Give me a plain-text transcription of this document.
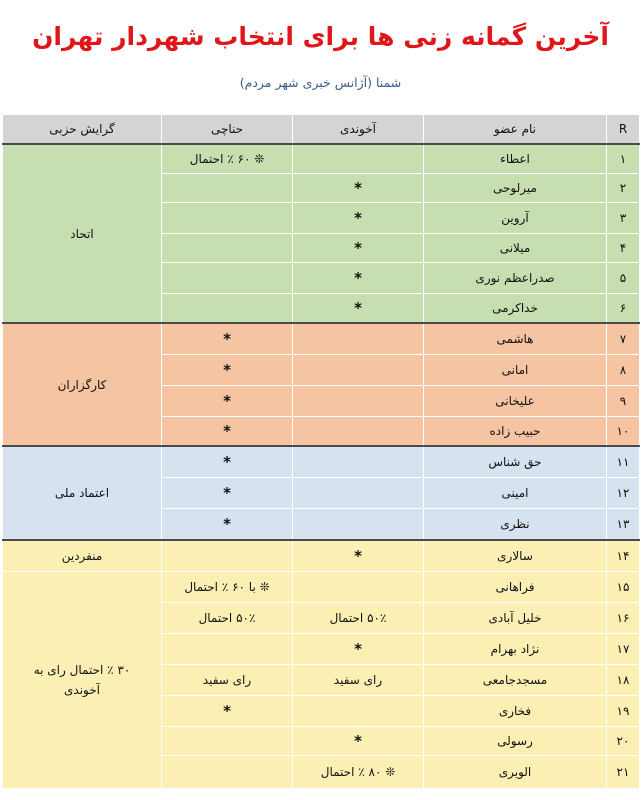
آخرین گمانه زنی ها برای انتخاب شهردار تهران
شمنا (آژانس خبری شهر مردم)
R	نام عضو	آخوندی	حناچی	گرایش حزبی
۱	اعطاء		❊ ۶۰ ٪ احتمال	اتحاد
۲	میرلوحی	*		
۳	آروین	*		
۴	میلانی	*		
۵	صدراعظم نوری	*		
۶	خداکرمی	*		
۷	هاشمی		*	کارگزاران
۸	امانی		*	
۹	علیخانی		*	
۱۰	حبیب زاده		*	
۱۱	حق شناس		*	اعتماد ملی
۱۲	امینی		*	
۱۳	نظری		*	
۱۴	سالاری	*		منفردین
۱۵	فراهانی		❊ با ۶۰ ٪ احتمال	۳۰ ٪ احتمال رای به آخوندی
۱۶	خلیل آبادی	۵۰٪ احتمال	۵۰٪ احتمال	
۱۷	نژاد بهرام	*		
۱۸	مسجدجامعی	رای سفید	رای سفید	
۱۹	فخاری		*	
۲۰	رسولی	*		
۲۱	الویری	❊ ۸۰ ٪ احتمال		
